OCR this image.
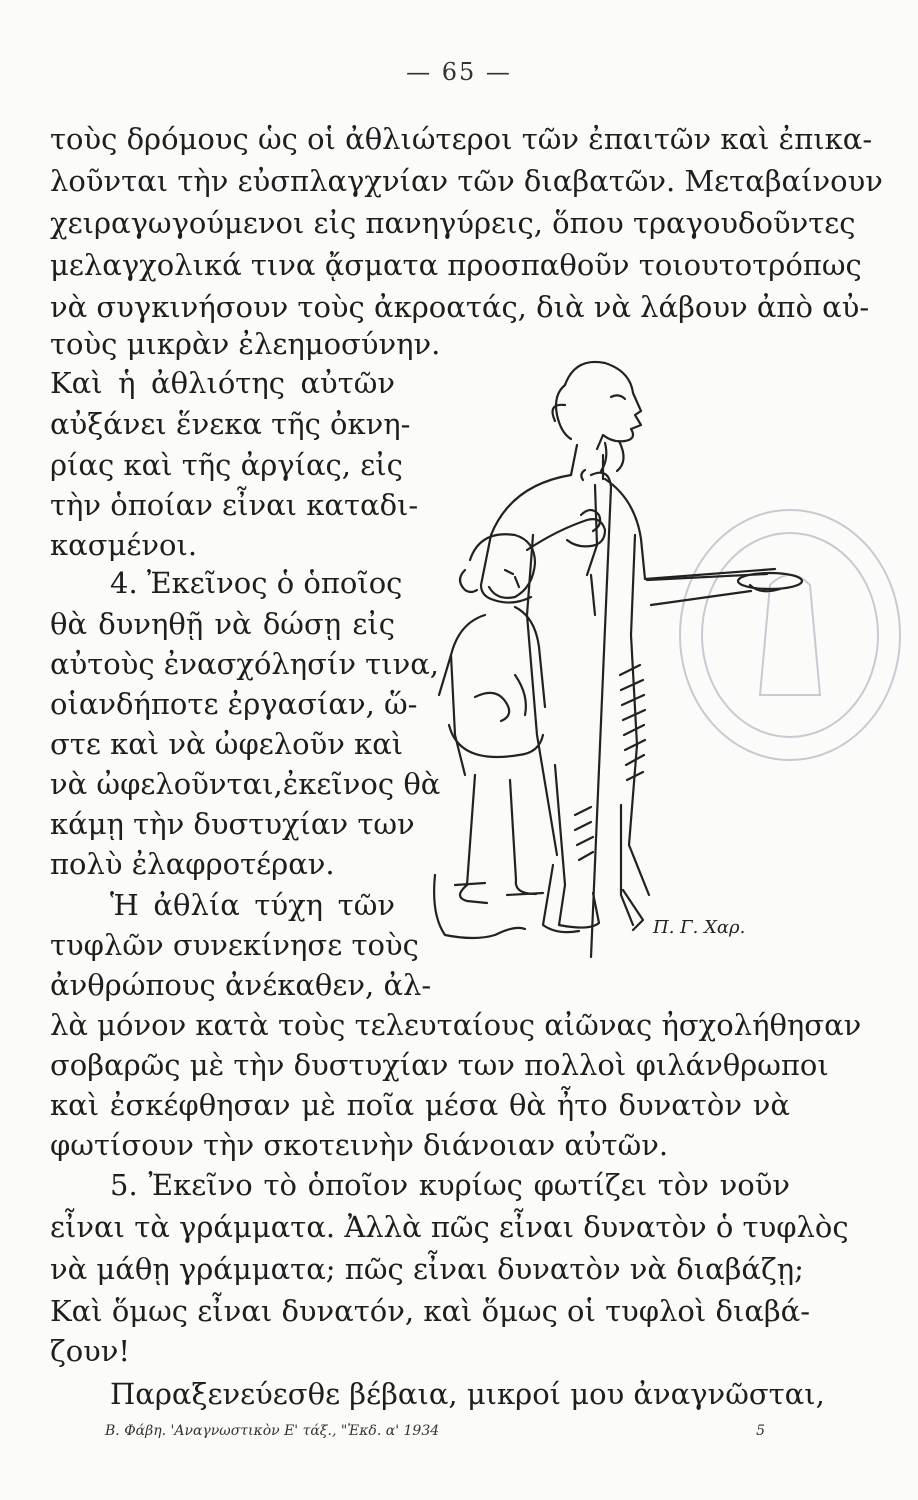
— 65 —
τοὺς δρόμους ὡς οἱ ἀθλιώτεροι τῶν ἐπαιτῶν καὶ ἐπικα-
λοῦνται τὴν εὐσπλαγχνίαν τῶν διαβατῶν. Μεταβαίνουν
χειραγωγούμενοι εἰς πανηγύρεις, ὅπου τραγουδοῦντες
μελαγχολικά τινα ᾄσματα προσπαθοῦν τοιουτοτρόπως
νὰ συγκινήσουν τοὺς ἀκροατάς, διὰ νὰ λάβουν ἀπὸ αὐ-
τοὺς μικρὰν ἐλεημοσύνην.
Καὶ ἡ ἀθλιότης αὐτῶν
αὐξάνει ἕνεκα τῆς ὀκνη-
ρίας καὶ τῆς ἀργίας, εἰς
τὴν ὁποίαν εἶναι καταδι-
κασμένοι.
4. Ἐκεῖνος ὁ ὁποῖος
θὰ δυνηθῇ νὰ δώσῃ εἰς
αὐτοὺς ἐνασχόλησίν τινα,
οἱανδήποτε ἐργασίαν, ὥ-
στε καὶ νὰ ὠφελοῦν καὶ
νὰ ὠφελοῦνται,ἐκεῖνος θὰ
κάμῃ τὴν δυστυχίαν των
πολὺ ἐλαφροτέραν.
Ἡ ἀθλία τύχη τῶν
τυφλῶν συνεκίνησε τοὺς
ἀνθρώπους ἀνέκαθεν, ἀλ-
λὰ μόνον κατὰ τοὺς τελευταίους αἰῶνας ἠσχολήθησαν
σοβαρῶς μὲ τὴν δυστυχίαν των πολλοὶ φιλάνθρωποι
καὶ ἐσκέφθησαν μὲ ποῖα μέσα θὰ ἦτο δυνατὸν νὰ
φωτίσουν τὴν σκοτεινὴν διάνοιαν αὐτῶν.
5. Ἐκεῖνο τὸ ὁποῖον κυρίως φωτίζει τὸν νοῦν
εἶναι τὰ γράμματα. Ἀλλὰ πῶς εἶναι δυνατὸν ὁ τυφλὸς
νὰ μάθῃ γράμματα; πῶς εἶναι δυνατὸν νὰ διαβάζῃ;
Καὶ ὅμως εἶναι δυνατόν, καὶ ὅμως οἱ τυφλοὶ διαβά-
ζουν!
Παραξενεύεσθε βέβαια, μικροί μου ἀναγνῶσται,
Π. Γ. Χαρ.
Β. Φάβη. 'Αναγνωστικὸν Ε' τάξ., "Ἐκδ. α' 1934	5
